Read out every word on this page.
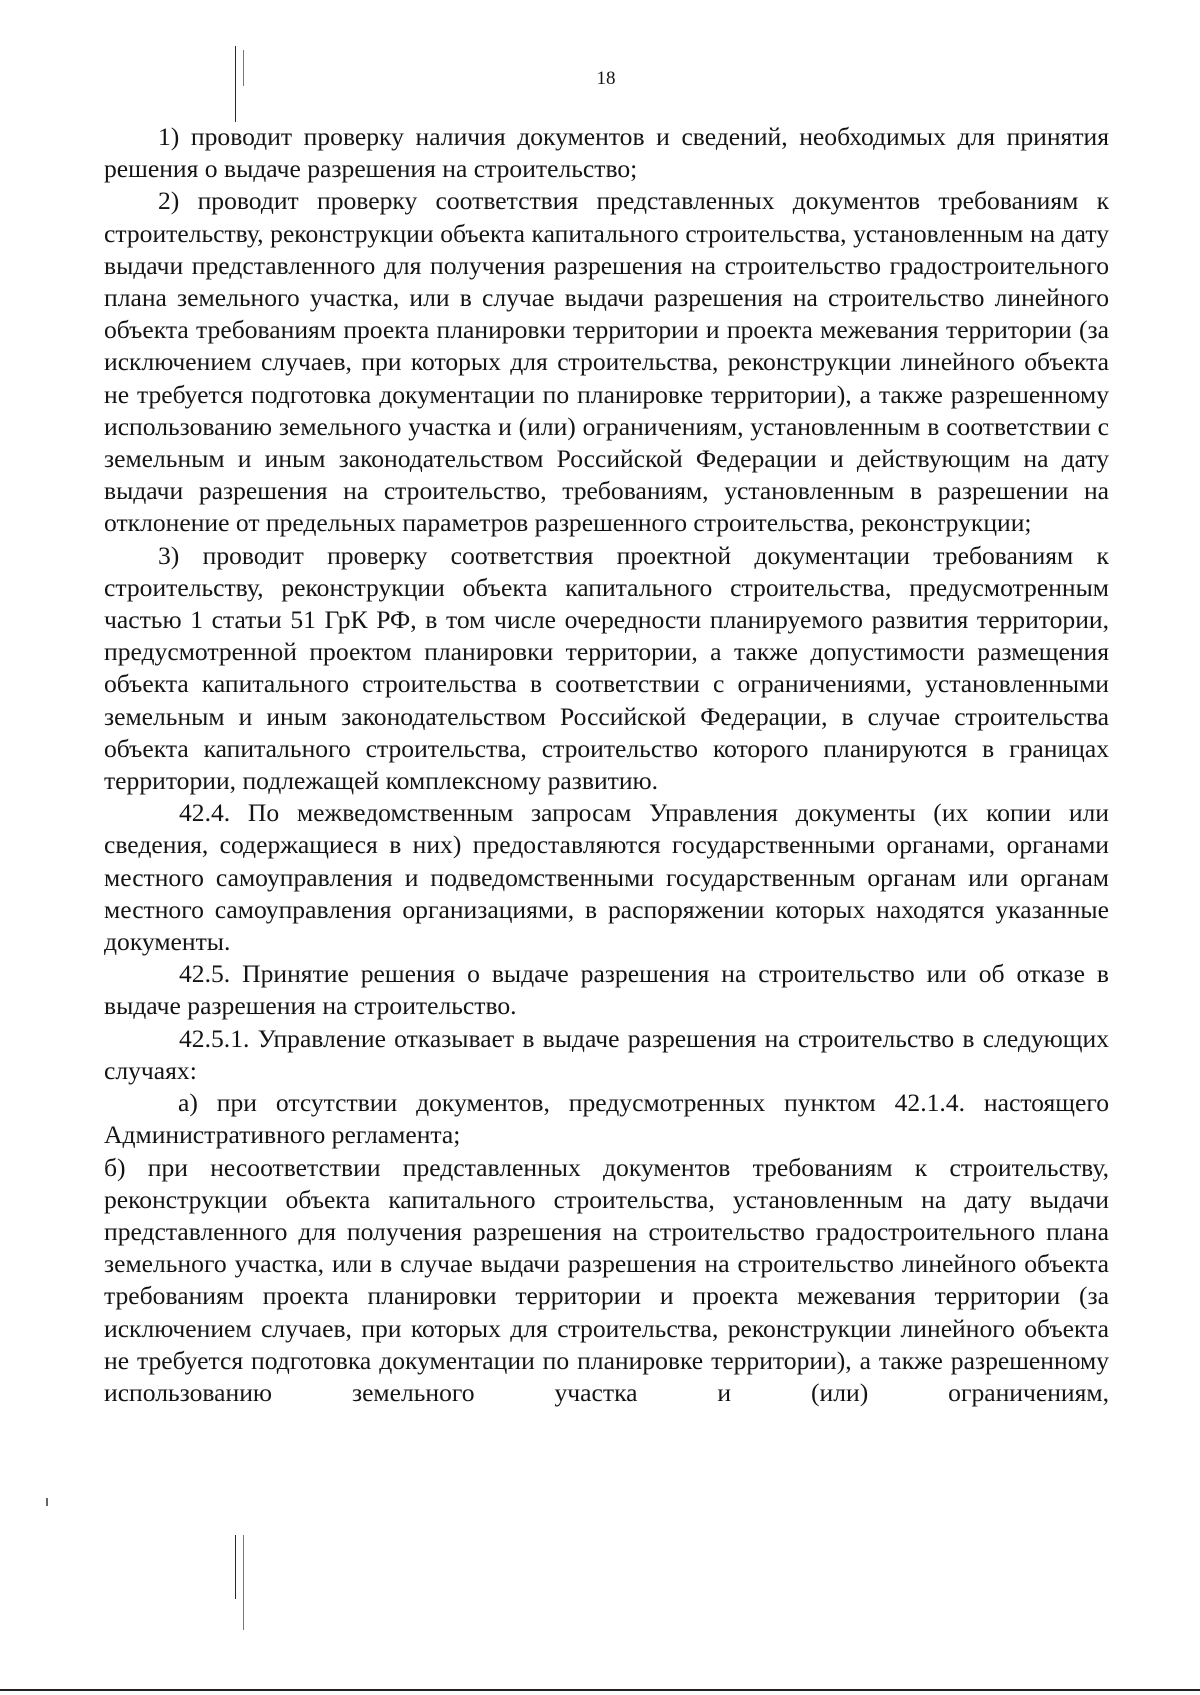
18

1) проводит проверку наличия документов и сведений, необходимых для принятия решения о выдаче разрешения на строительство;

2) проводит проверку соответствия представленных документов требованиям к строительству, реконструкции объекта капитального строительства, установленным на дату выдачи представленного для получения разрешения на строительство градостроительного плана земельного участка, или в случае выдачи разрешения на строительство линейного объекта требованиям проекта планировки территории и проекта межевания территории (за исключением случаев, при которых для строительства, реконструкции линейного объекта не требуется подготовка документации по планировке территории), а также разрешенному использованию земельного участка и (или) ограничениям, установленным в соответствии с земельным и иным законодательством Российской Федерации и действующим на дату выдачи разрешения на строительство, требованиям, установленным в разрешении на отклонение от предельных параметров разрешенного строительства, реконструкции;

3) проводит проверку соответствия проектной документации требованиям к строительству, реконструкции объекта капитального строительства, предусмотренным частью 1 статьи 51 ГрК РФ, в том числе очередности планируемого развития территории, предусмотренной проектом планировки территории, а также допустимости размещения объекта капитального строительства в соответствии с ограничениями, установленными земельным и иным законодательством Российской Федерации, в случае строительства объекта капитального строительства, строительство которого планируются в границах территории, подлежащей комплексному развитию.

42.4. По межведомственным запросам Управления документы (их копии или сведения, содержащиеся в них) предоставляются государственными органами, органами местного самоуправления и подведомственными государственным органам или органам местного самоуправления организациями, в распоряжении которых находятся указанные документы.

42.5. Принятие решения о выдаче разрешения на строительство или об отказе в выдаче разрешения на строительство.

42.5.1. Управление отказывает в выдаче разрешения на строительство в следующих случаях:

а) при отсутствии документов, предусмотренных пунктом 42.1.4. настоящего Административного регламента;

б) при несоответствии представленных документов требованиям к строительству, реконструкции объекта капитального строительства, установленным на дату выдачи представленного для получения разрешения на строительство градостроительного плана земельного участка, или в случае выдачи разрешения на строительство линейного объекта требованиям проекта планировки территории и проекта межевания территории (за исключением случаев, при которых для строительства, реконструкции линейного объекта не требуется подготовка документации по планировке территории), а также разрешенному использованию земельного участка и (или) ограничениям,
